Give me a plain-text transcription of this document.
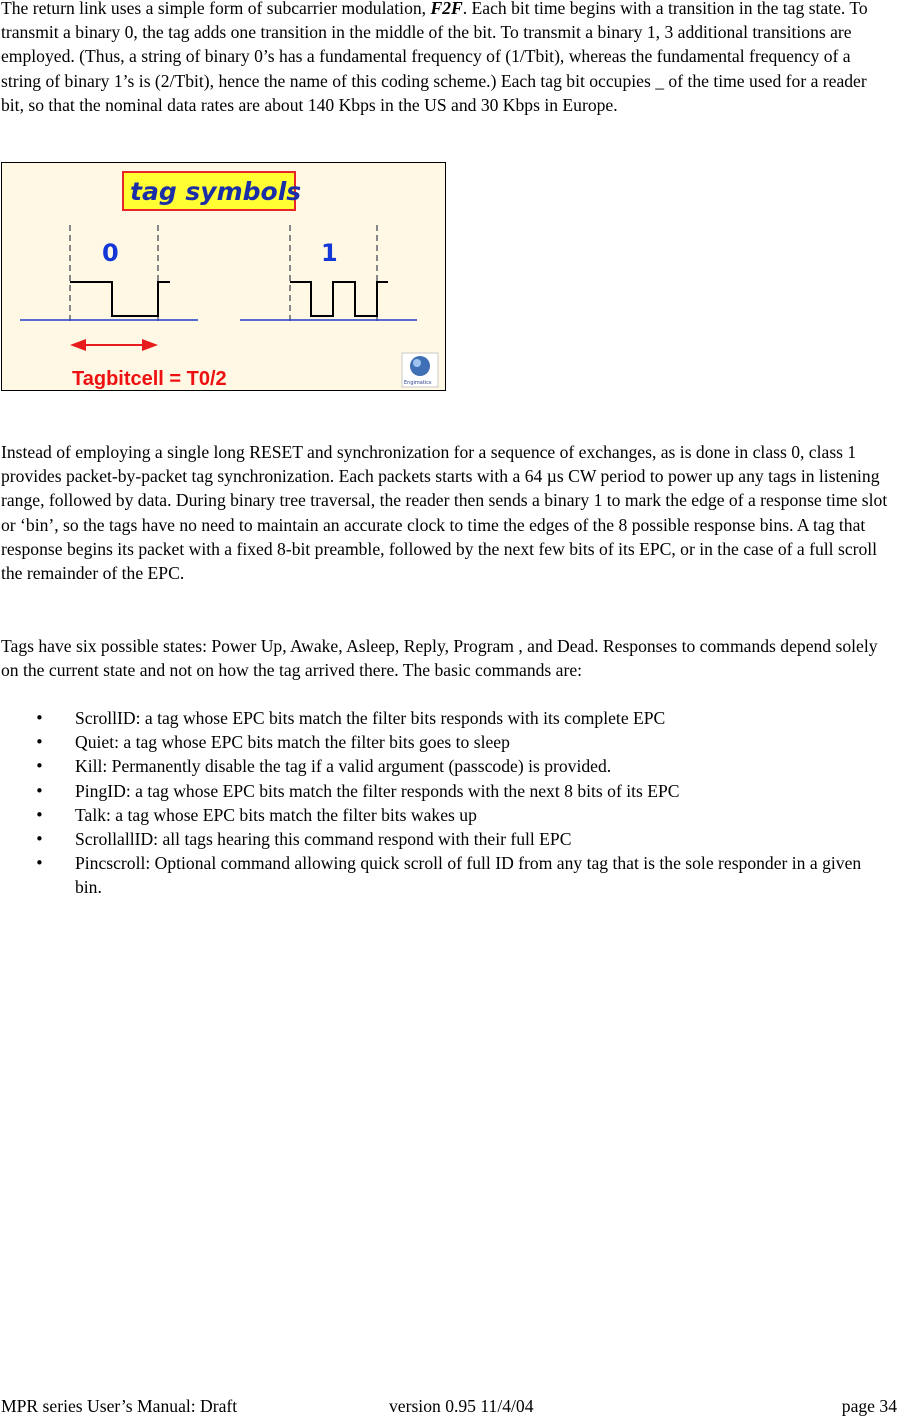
The return link uses a simple form of subcarrier modulation, F2F. Each bit time begins with a transition in the tag state. To transmit a binary 0, the tag adds one transition in the middle of the bit. To transmit a binary 1, 3 additional transitions are employed. (Thus, a string of binary 0’s has a fundamental frequency of (1/Tbit), whereas the fundamental frequency of a string of binary 1’s is (2/Tbit), hence the name of this coding scheme.) Each tag bit occupies _ of the time used for a reader bit, so that the nominal data rates are about 140 Kbps in the US and 30 Kbps in Europe.

tag symbols
0	1
Tagbitcell = T0/2	Engimatics

Instead of employing a single long RESET and synchronization for a sequence of exchanges, as is done in class 0, class 1 provides packet-by-packet tag synchronization. Each packets starts with a 64 µs CW period to power up any tags in listening range, followed by data. During binary tree traversal, the reader then sends a binary 1 to mark the edge of a response time slot or ‘bin’, so the tags have no need to maintain an accurate clock to time the edges of the 8 possible response bins. A tag that response begins its packet with a fixed 8-bit preamble, followed by the next few bits of its EPC, or in the case of a full scroll the remainder of the EPC.

Tags have six possible states: Power Up, Awake, Asleep, Reply, Program , and Dead. Responses to commands depend solely on the current state and not on how the tag arrived there. The basic commands are:

• ScrollID: a tag whose EPC bits match the filter bits responds with its complete EPC
• Quiet: a tag whose EPC bits match the filter bits goes to sleep
• Kill: Permanently disable the tag if a valid argument (passcode) is provided.
• PingID: a tag whose EPC bits match the filter responds with the next 8 bits of its EPC
• Talk: a tag whose EPC bits match the filter bits wakes up
• ScrollallID: all tags hearing this command respond with their full EPC
• Pincscroll: Optional command allowing quick scroll of full ID from any tag that is the sole responder in a given bin.
MPR series User’s Manual: Draft	version 0.95 11/4/04	page 34
